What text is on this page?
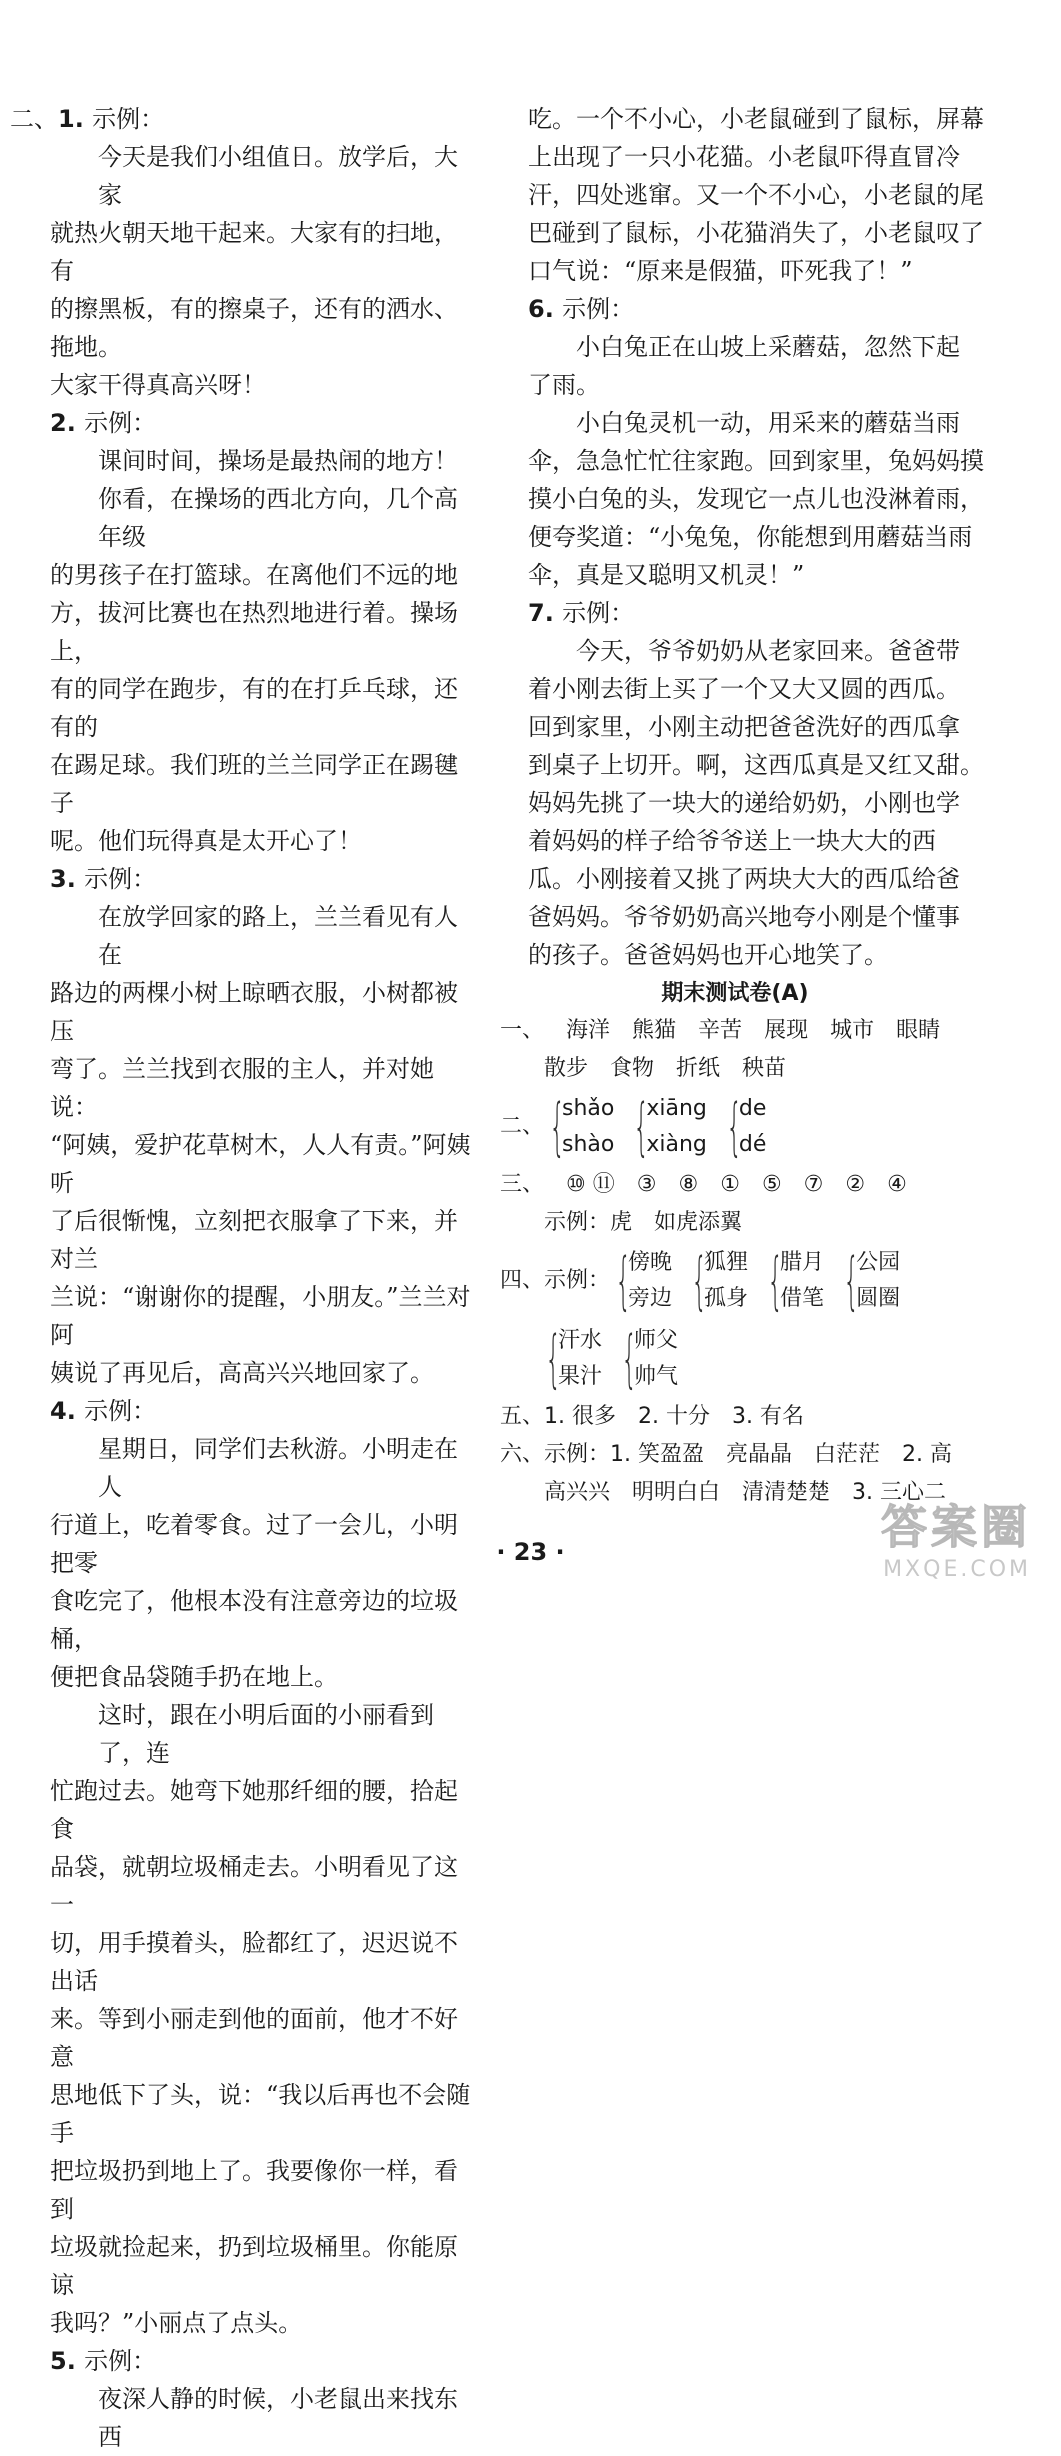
二、1. 示例：
今天是我们小组值日。放学后，大家
就热火朝天地干起来。大家有的扫地，有
的擦黑板，有的擦桌子，还有的洒水、拖地。
大家干得真高兴呀！
2. 示例：
课间时间，操场是最热闹的地方！
你看，在操场的西北方向，几个高年级
的男孩子在打篮球。在离他们不远的地
方，拔河比赛也在热烈地进行着。操场上，
有的同学在跑步，有的在打乒乓球，还有的
在踢足球。我们班的兰兰同学正在踢毽子
呢。他们玩得真是太开心了！
3. 示例：
在放学回家的路上，兰兰看见有人在
路边的两棵小树上晾晒衣服，小树都被压
弯了。兰兰找到衣服的主人，并对她说：
“阿姨，爱护花草树木，人人有责。”阿姨听
了后很惭愧，立刻把衣服拿了下来，并对兰
兰说：“谢谢你的提醒，小朋友。”兰兰对阿
姨说了再见后，高高兴兴地回家了。
4. 示例：
星期日，同学们去秋游。小明走在人
行道上，吃着零食。过了一会儿，小明把零
食吃完了，他根本没有注意旁边的垃圾桶，
便把食品袋随手扔在地上。
这时，跟在小明后面的小丽看到了，连
忙跑过去。她弯下她那纤细的腰，拾起食
品袋，就朝垃圾桶走去。小明看见了这一
切，用手摸着头，脸都红了，迟迟说不出话
来。等到小丽走到他的面前，他才不好意
思地低下了头，说：“我以后再也不会随手
把垃圾扔到地上了。我要像你一样，看到
垃圾就捡起来，扔到垃圾桶里。你能原谅
我吗？”小丽点了点头。
5. 示例：
夜深人静的时候，小老鼠出来找东西
吃。一个不小心，小老鼠碰到了鼠标，屏幕
上出现了一只小花猫。小老鼠吓得直冒冷
汗，四处逃窜。又一个不小心，小老鼠的尾
巴碰到了鼠标，小花猫消失了，小老鼠叹了
口气说：“原来是假猫，吓死我了！”
6. 示例：
小白兔正在山坡上采蘑菇，忽然下起
了雨。
小白兔灵机一动，用采来的蘑菇当雨
伞，急急忙忙往家跑。回到家里，兔妈妈摸
摸小白兔的头，发现它一点儿也没淋着雨，
便夸奖道：“小兔兔，你能想到用蘑菇当雨
伞，真是又聪明又机灵！”
7. 示例：
今天，爷爷奶奶从老家回来。爸爸带
着小刚去街上买了一个又大又圆的西瓜。
回到家里，小刚主动把爸爸洗好的西瓜拿
到桌子上切开。啊，这西瓜真是又红又甜。
妈妈先挑了一块大的递给奶奶，小刚也学
着妈妈的样子给爷爷送上一块大大的西
瓜。小刚接着又挑了两块大大的西瓜给爸
爸妈妈。爷爷奶奶高兴地夸小刚是个懂事
的孩子。爸爸妈妈也开心地笑了。
期末测试卷(A)
一、 海洋 熊猫 辛苦 展现 城市 眼睛
散步 食物 折纸 秧苗
二、 {
shǎo
shào {
xiāng
xiàng {
de
dé
三、 ⑩ ⑪ ③ ⑧ ① ⑤ ⑦ ② ④
示例：虎　如虎添翼
四、示例： {
傍晚
旁边 {
狐狸
孤身 {
腊月
借笔 {
公园
圆圈
{
汗水
果汁 {
师父
帅气
五、1. 很多　2. 十分　3. 有名
六、示例：1. 笑盈盈　亮晶晶　白茫茫　2. 高
高兴兴　明明白白　清清楚楚　3. 三心二
· 23 ·	答案圈
MXQE.COM
